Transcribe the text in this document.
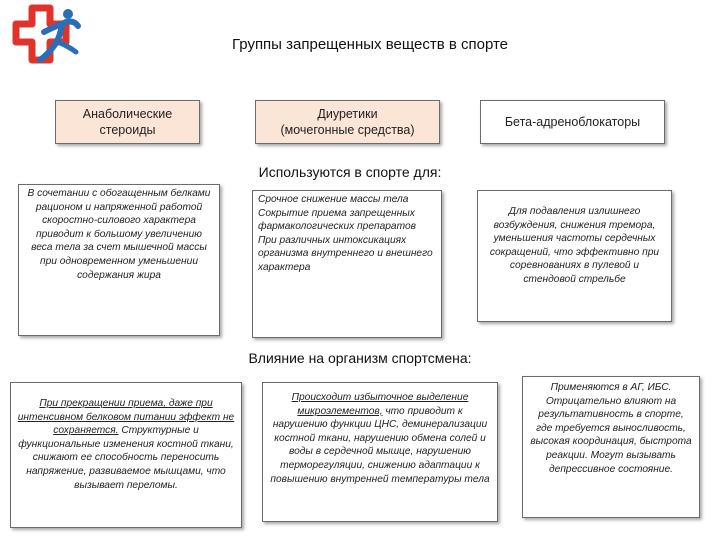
Группы запрещенных веществ в спорте
Анаболические стероиды
Диуретики
(мочегонные средства)
Бета-адреноблокаторы
Используются в спорте для:
В сочетании с обогащенным белками рационом и напряженной работой скоростно-силового характера приводит к большому увеличению веса тела за счет мышечной массы при одновременном уменьшении содержания жира
Срочное снижение массы тела
Сокрытие приема запрещенных фармакологических препаратов
При различных интоксикациях организма внутреннего и внешнего характера
Для подавления излишнего возбуждения, снижения тремора, уменьшения частоты сердечных сокращений, что эффективно при соревнованиях в пулевой и стендовой стрельбе
Влияние на организм спортсмена:
При прекращении приема, даже при интенсивном белковом питании эффект не сохраняется. Структурные и функциональные изменения костной ткани, снижают ее способность переносить напряжение, развиваемое мышцами, что вызывает переломы.
Происходит избыточное выделение микроэлементов, что приводит к нарушению функции ЦНС, деминерализации костной ткани, нарушению обмена солей и воды в сердечной мышце, нарушению терморегуляции, снижению адаптации к повышению внутренней температуры тела
Применяются в АГ, ИБС. Отрицательно влияют на результативность в спорте, где требуется выносливость, высокая координация, быстрота реакции. Могут вызывать депрессивное состояние.
